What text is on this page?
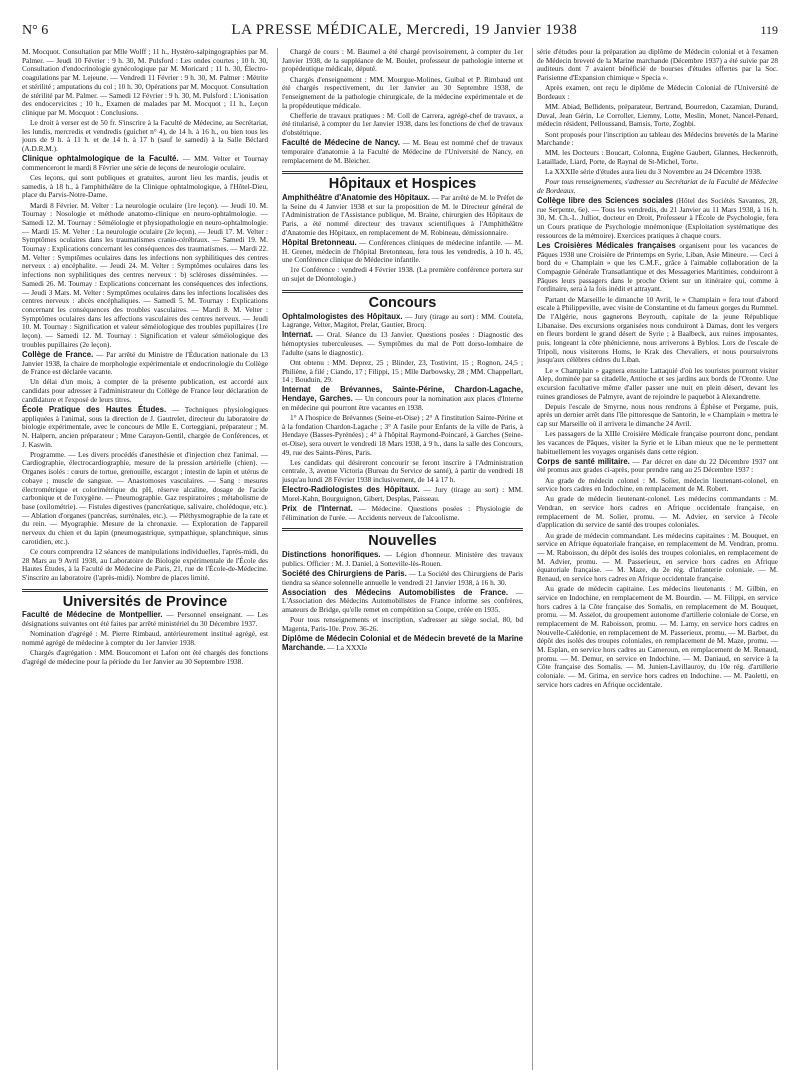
N° 6	LA PRESSE MÉDICALE, Mercredi, 19 Janvier 1938	119

M. Mocquot. Consultation par Mlle Wolff ; 11 h., Hystéro-salpingographies par M. Palmer. — Jeudi 10 Février : 9 h. 30, M. Pulsford : Les ondes courtes ; 10 h. 30, Consultation d'endocrinologie gynécologique par M. Moricard ; 11 h. 30, Électro-coagulations par M. Lejeune. — Vendredi 11 Février : 9 h. 30, M. Palmer : Métrite et stérilité ; amputations du col ; 10 h. 30, Opérations par M. Mocquot. Consultation de stérilité par M. Palmer. — Samedi 12 Février : 9 h. 30, M. Pulsford : L'ionisation des endocervicites ; 10 h., Examen de malades par M. Mocquot ; 11 h., Leçon clinique par M. Mocquot : Conclusions.

Le droit à verser est de 50 fr. S'inscrire à la Faculté de Médecine, au Secrétariat, les lundis, mercredis et vendredis (guichet n° 4), de 14 h. à 16 h., ou bien tous les jours de 9 h. à 11 h. et de 14 h. à 17 h (sauf le samedi) à la Salle Béclard (A.D.R.M.).

Clinique ophtalmologique de la Faculté. — MM. Velter et Tournay commenceront le mardi 8 Février une série de leçons de neurologie oculaire.

Ces leçons, qui sont publiques et gratuites, auront lieu les mardis, jeudis et samedis, à 18 h., à l'amphithéâtre de la Clinique ophtalmologique, à l'Hôtel-Dieu, place du Parvis-Notre-Dame.

Mardi 8 Février. M. Velter : La neurologie oculaire (1re leçon). — Jeudi 10. M. Tournay : Nosologie et méthode anatomo-clinique en neuro-ophtalmologie. — Samedi 12. M. Tournay : Séméiologie et physiopathologie en neuro-ophtalmologie. — Mardi 15. M. Velter : La neurologie oculaire (2e leçon). — Jeudi 17. M. Velter : Symptômes oculaires dans les traumatismes cranio-cérébraux. — Samedi 19. M. Tournay : Explications concernant les conséquences des traumatismes. — Mardi 22. M. Velter : Symptômes oculaires dans les infections non syphilitiques des centres nerveux : a) encéphalite. — Jeudi 24. M. Velter : Symptômes oculaires dans les infections non syphilitiques des centres nerveux : b) scléroses disséminées. — Samedi 26. M. Tournay : Explications concernant les conséquences des infections. — Jeudi 3 Mars. M. Velter : Symptômes oculaires dans les infections localisées des centres nerveux : abcès encéphaliques. — Samedi 5. M. Tournay : Explications concernant les conséquences des troubles vasculaires. — Mardi 8. M. Velter : Symptômes oculaires dans les affections vasculaires des centres nerveux. — Jeudi 10. M. Tournay : Signification et valeur séméiologique des troubles pupillaires (1re leçon). — Samedi 12. M. Tournay : Signification et valeur séméiologique des troubles pupillaires (2e leçon).

Collège de France. — Par arrêté du Ministre de l'Éducation nationale du 13 Janvier 1938, la chaire de morphologie expérimentale et endocrinologie du Collège de France est déclarée vacante.

Un délai d'un mois, à compter de la présente publication, est accordé aux candidats pour adresser à l'administrateur du Collège de France leur déclaration de candidature et l'exposé de leurs titres.

École Pratique des Hautes Études. — Techniques physiologiques appliquées à l'animal, sous la direction de J. Gautrelet, directeur du laboratoire de biologie expérimentale, avec le concours de Mlle E. Corteggiani, préparateur ; M. N. Halpern, ancien préparateur ; Mme Carayon-Gentil, chargée de Conférences, et J. Kaswin.

Programme. — Les divers procédés d'anesthésie et d'injection chez l'animal. — Cardiographie, électrocardiographie, mesure de la pression artérielle (chien). — Organes isolés : cœurs de tortue, grenouille, escargot ; intestin de lapin et utérus de cobaye ; muscle de sangsue. — Anastomoses vasculaires. — Sang : mesures électrométrique et colorimétrique du pH, réserve alcaline, dosage de l'acide carbonique et de l'oxygène. — Pneumographie. Gaz respiratoires ; métabolisme de base (oxilométrie). — Fistules digestives (pancréatique, salivaire, cholédoque, etc.). — Ablation d'organes (pancréas, surrénales, etc.). — Pléthysmographie de la rate et du rein. — Myographie. Mesure de la chronaxie. — Exploration de l'appareil nerveux du chien et du lapin (pneumogastrique, sympathique, splanchnique, sinus carotidien, etc.).

Ce cours comprendra 12 séances de manipulations individuelles, l'après-midi, du 28 Mars au 9 Avril 1938, au Laboratoire de Biologie expérimentale de l'École des Hautes Études, à la Faculté de Médecine de Paris, 21, rue de l'École-de-Médecine. S'inscrire au laboratoire (l'après-midi). Nombre de places limité.

Universités de Province

Faculté de Médecine de Montpellier. — Personnel enseignant. — Les désignations suivantes ont été faites par arrêté ministériel du 30 Décembre 1937.

Nomination d'agrégé : M. Pierre Rimbaud, antérieurement institué agrégé, est nommé agrégé de médecine à compter du 1er Janvier 1938.

Chargés d'agrégation : MM. Boucomont et Lafon ont été chargés des fonctions d'agrégé de médecine pour la période du 1er Janvier au 30 Septembre 1938.

Chargé de cours : M. Baumel a été chargé provisoirement, à compter du 1er Janvier 1938, de la suppléance de M. Boulet, professeur de pathologie interne et propédeutique médicale, député.

Chargés d'enseignement : MM. Mourgue-Molines, Guibal et P. Rimbaud ont été chargés respectivement, du 1er Janvier au 30 Septembre 1938, de l'enseignement de la pathologie chirurgicale, de la médecine expérimentale et de la propédeutique médicale.

Chefferie de travaux pratiques : M. Coll de Carrera, agrégé-chef de travaux, a été titularisé, à compter du 1er Janvier 1938, dans les fonctions de chef de travaux d'obstétrique.

Faculté de Médecine de Nancy. — M. Beau est nommé chef de travaux temporaire d'anatomie à la Faculté de Médecine de l'Université de Nancy, en remplacement de M. Bleicher.

Hôpitaux et Hospices

Amphithéâtre d'Anatomie des Hôpitaux. — Par arrêté de M. le Préfet de la Seine du 4 Janvier 1938 et sur la proposition de M. le Directeur général de l'Administration de l'Assistance publique, M. Braine, chirurgien des Hôpitaux de Paris, a été nommé directeur des travaux scientifiques à l'Amphithéâtre d'Anatomie des Hôpitaux, en remplacement de M. Robineau, démissionnaire.

Hôpital Bretonneau. — Conférences cliniques de médecine infantile. — M. H. Grenet, médecin de l'hôpital Bretonneau, fera tous les vendredis, à 10 h. 45, une Conférence clinique de Médecine infantile.

1re Conférence : vendredi 4 Février 1938. (La première conférence portera sur un sujet de Déontologie.)

Concours

Ophtalmologistes des Hôpitaux. — Jury (tirage au sort) : MM. Coutela, Lagrange, Velter, Magitot, Prelat, Gautier, Brocq.

Internat. — Oral. Séance du 13 Janvier. Questions posées : Diagnostic des hémoptysies tuberculeuses. — Symptômes du mal de Pott dorso-lombaire de l'adulte (sans le diagnostic).

Ont obtenu : MM. Deprez, 25 ; Blinder, 23, Tostivint, 15 ; Rognon, 24,5 ; Philiène, à filé ; Ciando, 17 ; Filippi, 15 ; Mlle Darbowsky, 28 ; MM. Chappellart, 14 ; Bouduin, 29.

Internat de Brévannes, Sainte-Périne, Chardon-Lagache, Hendaye, Garches. — Un concours pour la nomination aux places d'Interne en médecine qui pourront être vacantes en 1938.

1° A l'hospice de Brévannes (Seine-et-Oise) ; 2° A l'institution Sainte-Périne et à la fondation Chardon-Lagache ; 3° A l'asile pour Enfants de la ville de Paris, à Hendaye (Basses-Pyrénées) ; 4° à l'hôpital Raymond-Poincaré, à Garches (Seine-et-Oise), sera ouvert le vendredi 18 Mars 1938, à 9 h., dans la salle des Concours, 49, rue des Saints-Pères, Paris.

Les candidats qui désireront concourir se feront inscrire à l'Administration centrale, 3, avenue Victoria (Bureau du Service de santé), à partir du vendredi 18 jusqu'au lundi 28 Février 1938 inclusivement, de 14 à 17 h.

Electro-Radiologistes des Hôpitaux. — Jury (tirage au sort) : MM. Morel-Kahn, Bourguignon, Gibert, Desplas, Paisseau.

Prix de l'Internat. — Médecine. Questions posées : Physiologie de l'élimination de l'urée. — Accidents nerveux de l'alcoolisme.

Nouvelles

Distinctions honorifiques. — Légion d'honneur. Ministère des travaux publics. Officier : M. J. Daniel, à Sotteville-lès-Rouen.

Société des Chirurgiens de Paris. — La Société des Chirurgiens de Paris tiendra sa séance solennelle annuelle le vendredi 21 Janvier 1938, à 16 h. 30.

Association des Médecins Automobilistes de France. — L'Association des Médecins Automobilistes de France informe ses confrères, amateurs de Bridge, qu'elle remet en compétition sa Coupe, créée en 1935.

Pour tous renseignements et inscription, s'adresser au siège social, 80, bd Magenta, Paris-10e. Prov. 36-26.

Diplôme de Médecin Colonial et de Médecin breveté de la Marine Marchande. — La XXXIe

série d'études pour la préparation au diplôme de Médecin colonial et à l'examen de Médecin breveté de la Marine marchande (Décembre 1937) a été suivie par 28 auditeurs dont 7 avaient bénéficié de bourses d'études offertes par la Soc. Parisienne d'Expansion chimique « Specia ».

Après examen, ont reçu le diplôme de Médecin Colonial de l'Université de Bordeaux :

MM. Abiad, Bellidents, préparateur, Bertrand, Bourredon, Cazamian, Durand, Duval, Jean Gérin, Le Corroller, Liemny, Lotte, Meslin, Monet, Nancel-Penard, médecin résident, Pelloussand, Bamsis, Torte, Zoghbi.

Sont proposés pour l'inscription au tableau des Médecins brevetés de la Marine Marchande :

MM. les Docteurs : Boucart, Colonna, Eugène Gaubert, Glannes, Heckenroth, Lataillade, Liard, Porte, de Raynal de St-Michel, Torte.

La XXXIIe série d'études aura lieu du 3 Novembre au 24 Décembre 1938.

Pour tous renseignements, s'adresser au Secrétariat de la Faculté de Médecine de Bordeaux.

Collège libre des Sciences sociales (Hôtel des Sociétés Savantes, 28, rue Serpente, 6e). — Tous les vendredis, du 21 Janvier au 11 Mars 1938, à 16 h. 30, M. Ch.-L. Julliot, docteur en Droit, Professeur à l'École de Psychologie, fera un Cours pratique de Psychologie mnémonique (Exploitation systématique des ressources de la mémoire). Exercices pratiques à chaque cours.

Les Croisières Médicales françaises organisent pour les vacances de Pâques 1938 une Croisière de Printemps en Syrie, Liban, Asie Mineure. — Ceci à bord du « Champlain » que les C.M.F., grâce à l'aimable collaboration de la Compagnie Générale Transatlantique et des Messageries Maritimes, conduiront à Pâques leurs passagers dans le proche Orient sur un itinéraire qui, comme à l'ordinaire, sera à la fois inédit et attrayant.

Partant de Marseille le dimanche 10 Avril, le « Champlain » fera tout d'abord escale à Philippeville, avec visite de Constantine et du fameux gorges du Rummel. De l'Algérie, nous gagnerons Beyrouth, capitale de la jeune République Libanaise. Des excursions organisées nous conduiront à Damas, dont les vergers en fleurs bordent le grand désert de Syrie ; à Baalbeck, aux ruines imposantes, puis, longeant la côte phénicienne, nous arriverons à Byblos. Lors de l'escale de Tripoli, nous visiterons Homs, le Krak des Chevaliers, et nous poursuivrons jusqu'aux célèbres cèdres du Liban.

Le « Champlain » gagnera ensuite Lattaquié d'où les touristes pourront visiter Alep, dominée par sa citadelle, Antioche et ses jardins aux bords de l'Oronte. Une excursion facultative même d'aller passer une nuit en plein désert, devant les ruines grandioses de Palmyre, avant de rejoindre le paquebot à Alexandrette.

Depuis l'escale de Smyrne, nous nous rendrons à Éphèse et Pergame, puis, après un dernier arrêt dans l'île pittoresque de Santorin, le « Champlain » mettra le cap sur Marseille où il arrivera le dimanche 24 Avril.

Les passagers de la XIIIe Croisière Médicale française pourront donc, pendant les vacances de Pâques, visiter la Syrie et le Liban mieux que ne le permettent habituellement les voyages organisés dans cette région.

Corps de santé militaire. — Par décret en date du 22 Décembre 1937 ont été promus aux grades ci-après, pour prendre rang au 25 Décembre 1937 :

Au grade de médecin colonel : M. Solier, médecin lieutenant-colonel, en service hors cadres en Indochine, en remplacement de M. Robert.

Au grade de médecin lieutenant-colonel. Les médecins commandants : M. Vendran, en service hors cadres en Afrique occidentale française, en remplacement de M. Solier, promu. — M. Advier, en service à l'école d'application du service de santé des troupes coloniales.

Au grade de médecin commandant. Les médecins capitaines : M. Bouquet, en service en Afrique équatoriale française, en remplacement de M. Vendran, promu. — M. Raboisson, du dépôt des isolés des troupes coloniales, en remplacement de M. Advier, promu. — M. Passerieux, en service hors cadres en Afrique équatoriale française. — M. Maze, du 2e rég. d'infanterie coloniale. — M. Renaud, en service hors cadres en Afrique occidentale française.

Au grade de médecin capitaine. Les médecins lieutenants : M. Gilbin, en service en Indochine, en remplacement de M. Bourdin. — M. Filippi, en service hors cadres à la Côte française des Somalis, en remplacement de M. Bouquet, promu. — M. Asselot, du groupement autonome d'artillerie coloniale de Corse, en remplacement de M. Raboisson, promu. — M. Lamy, en service hors cadres en Nouvelle-Calédonie, en remplacement de M. Passerieux, promu. — M. Barbet, du dépôt des isolés des troupes coloniales, en remplacement de M. Maze, promu. — M. Esplan, en service hors cadres au Cameroun, en remplacement de M. Renaud, promu. — M. Demur, en service en Indochine. — M. Daniaud, en service à la Côte française des Somalis. — M. Junien-Lavillauroy, du 10e rég. d'artillerie coloniale. — M. Grima, en service hors cadres en Indochine. — M. Paoletti, en service hors cadres en Afrique occidentale.
